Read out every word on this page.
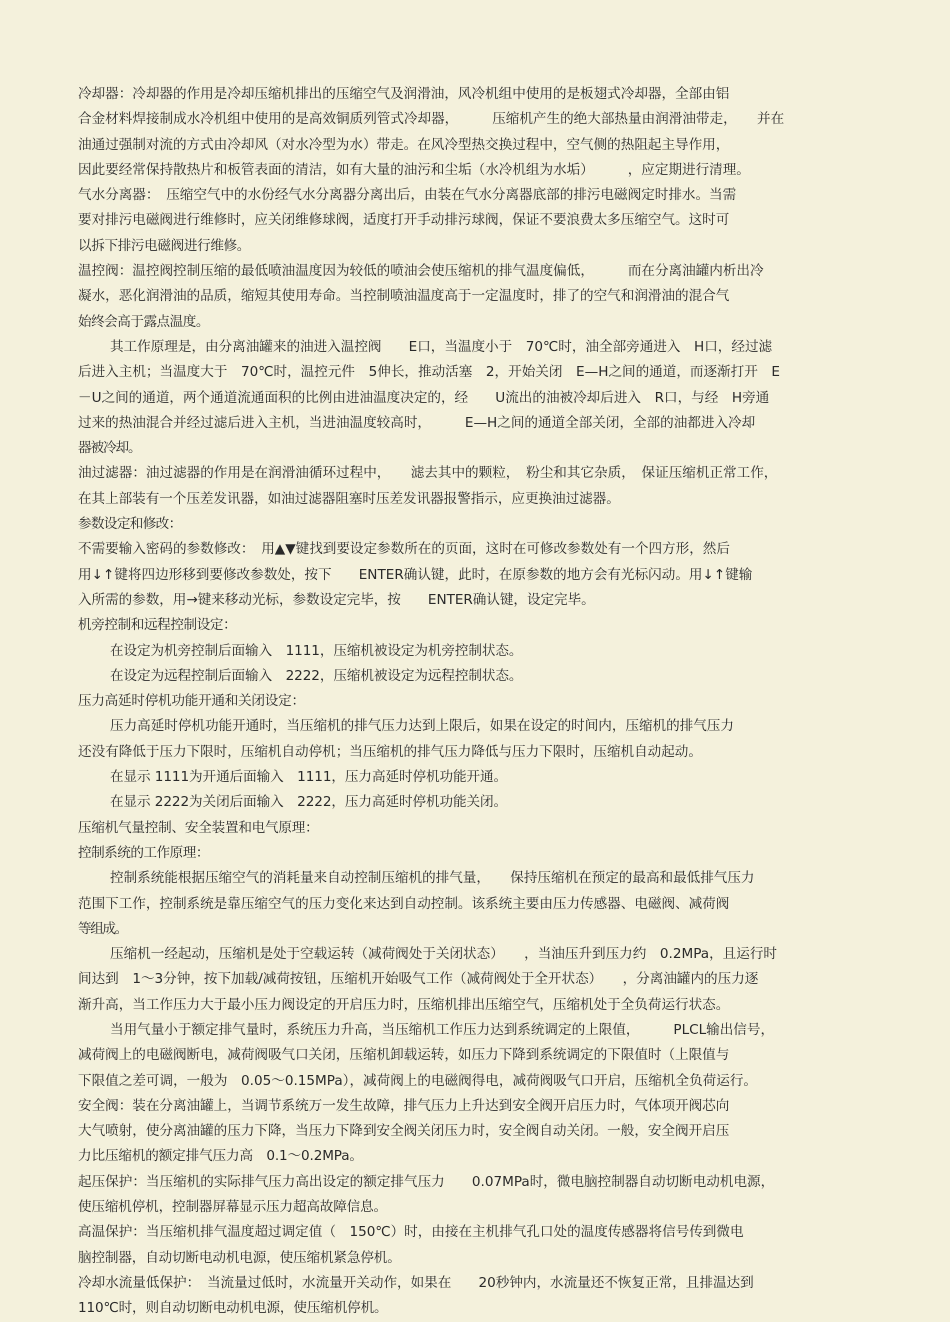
冷却器：冷却器的作用是冷却压缩机排出的压缩空气及润滑油，风冷机组中使用的是板翅式冷却器，全部由铝
合金材料焊接制成水冷机组中使用的是高效铜质列管式冷却器，　　　压缩机产生的绝大部热量由润滑油带走，　　并在
油通过强制对流的方式由冷却风（对水冷型为水）带走。在风冷型热交换过程中，空气侧的热阻起主导作用，
因此要经常保持散热片和板管表面的清洁，如有大量的油污和尘垢（水冷机组为水垢）　　　，应定期进行清理。
气水分离器：　压缩空气中的水份经气水分离器分离出后，由装在气水分离器底部的排污电磁阀定时排水。当需
要对排污电磁阀进行维修时，应关闭维修球阀，适度打开手动排污球阀，保证不要浪费太多压缩空气。这时可
以拆下排污电磁阀进行维修。
温控阀：温控阀控制压缩的最低喷油温度因为较低的喷油会使压缩机的排气温度偏低，　　　而在分离油罐内析出冷
凝水，恶化润滑油的品质，缩短其使用寿命。当控制喷油温度高于一定温度时，排了的空气和润滑油的混合气
始终会高于露点温度。
其工作原理是，由分离油罐来的油进入温控阀　　E口，当温度小于　70℃时，油全部旁通进入　H口，经过滤
后进入主机；当温度大于　70℃时，温控元件　5伸长，推动活塞　2，开始关闭　E—H之间的通道，而逐渐打开　E
－U之间的通道，两个通道流通面积的比例由进油温度决定的，经　　U流出的油被冷却后进入　R口，与经　H旁通
过来的热油混合并经过滤后进入主机，当进油温度较高时，　　　E—H之间的通道全部关闭，全部的油都进入冷却
器被冷却。
油过滤器：油过滤器的作用是在润滑油循环过程中，　　滤去其中的颗粒，　粉尘和其它杂质，　保证压缩机正常工作，
在其上部装有一个压差发讯器，如油过滤器阻塞时压差发讯器报警指示，应更换油过滤器。
参数设定和修改：
不需要输入密码的参数修改：　用▲▼键找到要设定参数所在的页面，这时在可修改参数处有一个四方形，然后
用↓↑键将四边形移到要修改参数处，按下　　ENTER确认键，此时，在原参数的地方会有光标闪动。用↓↑键输
入所需的参数，用→键来移动光标，参数设定完毕，按　　ENTER确认键，设定完毕。
机旁控制和远程控制设定：
在设定为机旁控制后面输入　1111，压缩机被设定为机旁控制状态。
在设定为远程控制后面输入　2222，压缩机被设定为远程控制状态。
压力高延时停机功能开通和关闭设定：
压力高延时停机功能开通时，当压缩机的排气压力达到上限后，如果在设定的时间内，压缩机的排气压力
还没有降低于压力下限时，压缩机自动停机；当压缩机的排气压力降低与压力下限时，压缩机自动起动。
在显示 1111为开通后面输入　1111，压力高延时停机功能开通。
在显示 2222为关闭后面输入　2222，压力高延时停机功能关闭。
压缩机气量控制、安全装置和电气原理：
控制系统的工作原理：
控制系统能根据压缩空气的消耗量来自动控制压缩机的排气量，　　保持压缩机在预定的最高和最低排气压力
范围下工作，控制系统是靠压缩空气的压力变化来达到自动控制。该系统主要由压力传感器、电磁阀、减荷阀
等组成。
压缩机一经起动，压缩机是处于空载运转（减荷阀处于关闭状态）　　，当油压升到压力约　0.2MPa，且运行时
间达到　1～3分钟，按下加载/减荷按钮，压缩机开始吸气工作（减荷阀处于全开状态）　　，分离油罐内的压力逐
渐升高，当工作压力大于最小压力阀设定的开启压力时，压缩机排出压缩空气，压缩机处于全负荷运行状态。
当用气量小于额定排气量时，系统压力升高，当压缩机工作压力达到系统调定的上限值，　　　PLCL输出信号，
减荷阀上的电磁阀断电，减荷阀吸气口关闭，压缩机卸载运转，如压力下降到系统调定的下限值时（上限值与
下限值之差可调，一般为　0.05～0.15MPa），减荷阀上的电磁阀得电，减荷阀吸气口开启，压缩机全负荷运行。
安全阀：装在分离油罐上，当调节系统万一发生故障，排气压力上升达到安全阀开启压力时，气体项开阀芯向
大气喷射，使分离油罐的压力下降，当压力下降到安全阀关闭压力时，安全阀自动关闭。一般，安全阀开启压
力比压缩机的额定排气压力高　0.1～0.2MPa。
起压保护：当压缩机的实际排气压力高出设定的额定排气压力　　0.07MPa时，微电脑控制器自动切断电动机电源，
使压缩机停机，控制器屏幕显示压力超高故障信息。
高温保护：当压缩机排气温度超过调定值（　150℃）时，由接在主机排气孔口处的温度传感器将信号传到微电
脑控制器，自动切断电动机电源，使压缩机紧急停机。
冷却水流量低保护：　当流量过低时，水流量开关动作，如果在　　20秒钟内，水流量还不恢复正常，且排温达到
110℃时，则自动切断电动机电源，使压缩机停机。
